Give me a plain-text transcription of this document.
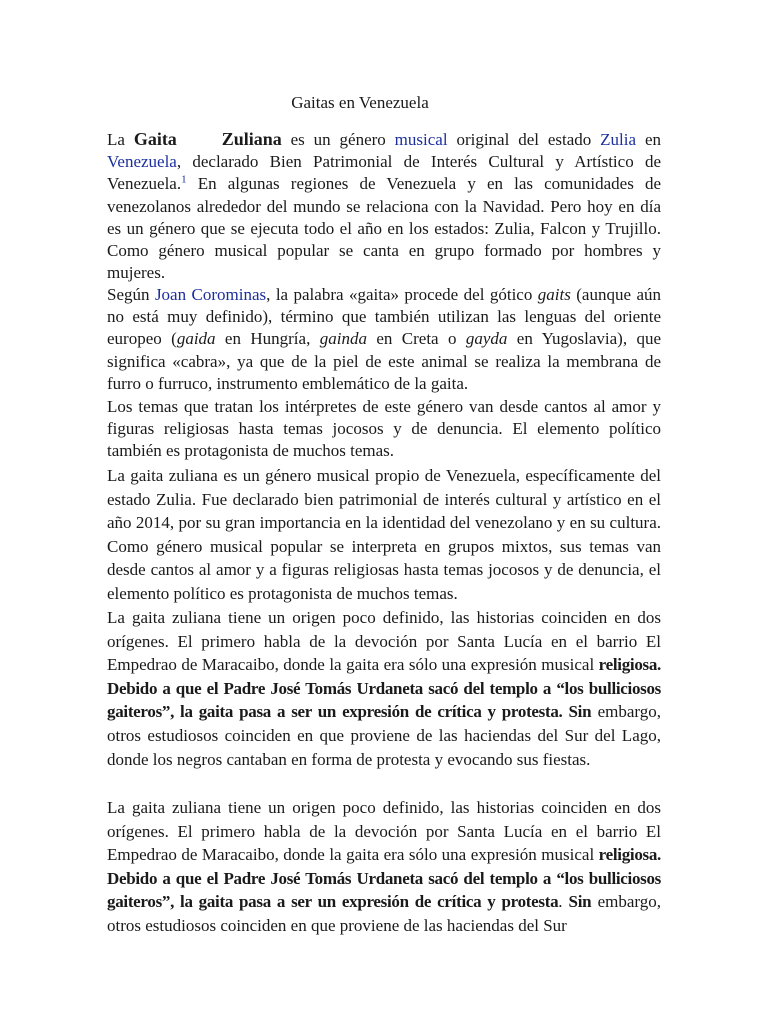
Gaitas en Venezuela
La Gaita Zuliana es un género musical original del estado Zulia en Venezuela, declarado Bien Patrimonial de Interés Cultural y Artístico de Venezuela.$^1$ En algunas regiones de Venezuela y en las comunidades de venezolanos alrededor del mundo se relaciona con la Navidad. Pero hoy en día es un género que se ejecuta todo el año en los estados: Zulia, Falcon y Trujillo. Como género musical popular se canta en grupo formado por hombres y mujeres.
Según Joan Corominas, la palabra «gaita» procede del gótico gaits (aunque aún no está muy definido), término que también utilizan las lenguas del oriente europeo (gaida en Hungría, gainda en Creta o gayda en Yugoslavia), que significa «cabra», ya que de la piel de este animal se realiza la membrana de furro o furruco, instrumento emblemático de la gaita.
Los temas que tratan los intérpretes de este género van desde cantos al amor y figuras religiosas hasta temas jocosos y de denuncia. El elemento político también es protagonista de muchos temas.
La gaita zuliana es un género musical propio de Venezuela, específicamente del estado Zulia. Fue declarado bien patrimonial de interés cultural y artístico en el año 2014, por su gran importancia en la identidad del venezolano y en su cultura. Como género musical popular se interpreta en grupos mixtos, sus temas van desde cantos al amor y a figuras religiosas hasta temas jocosos y de denuncia, el elemento político es protagonista de muchos temas.
La gaita zuliana tiene un origen poco definido, las historias coinciden en dos orígenes. El primero habla de la devoción por Santa Lucía en el barrio El Empedrao de Maracaibo, donde la gaita era sólo una expresión musical religiosa. Debido a que el Padre José Tomás Urdaneta sacó del templo a “los bulliciosos gaiteros”, la gaita pasa a ser un expresión de crítica y protesta. Sin embargo, otros estudiosos coinciden en que proviene de las haciendas del Sur del Lago, donde los negros cantaban en forma de protesta y evocando sus fiestas.
La gaita zuliana tiene un origen poco definido, las historias coinciden en dos orígenes. El primero habla de la devoción por Santa Lucía en el barrio El Empedrao de Maracaibo, donde la gaita era sólo una expresión musical religiosa. Debido a que el Padre José Tomás Urdaneta sacó del templo a “los bulliciosos gaiteros”, la gaita pasa a ser un expresión de crítica y protesta. Sin embargo, otros estudiosos coinciden en que proviene de las haciendas del Sur
